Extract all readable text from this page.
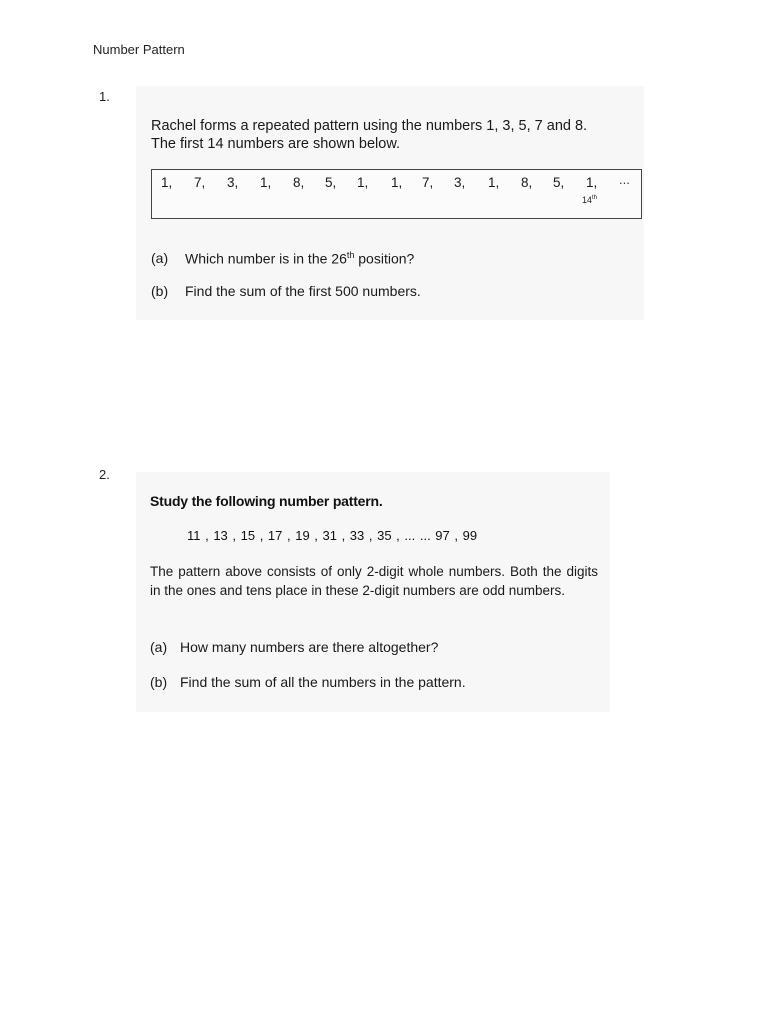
Number Pattern
1.
Rachel forms a repeated pattern using the numbers 1, 3, 5, 7 and 8.
The first 14 numbers are shown below.
1, 7, 3, 1, 8, 5, 1, 1, 7, 3, 1, 8, 5, 1, ...
14th
(a) Which number is in the 26th position?
(b) Find the sum of the first 500 numbers.
2.
Study the following number pattern.
11 , 13 , 15 , 17 , 19 , 31 , 33 , 35 , ... ... 97 , 99
The pattern above consists of only 2-digit whole numbers. Both the digits in the ones and tens place in these 2-digit numbers are odd numbers.
(a) How many numbers are there altogether?
(b) Find the sum of all the numbers in the pattern.
